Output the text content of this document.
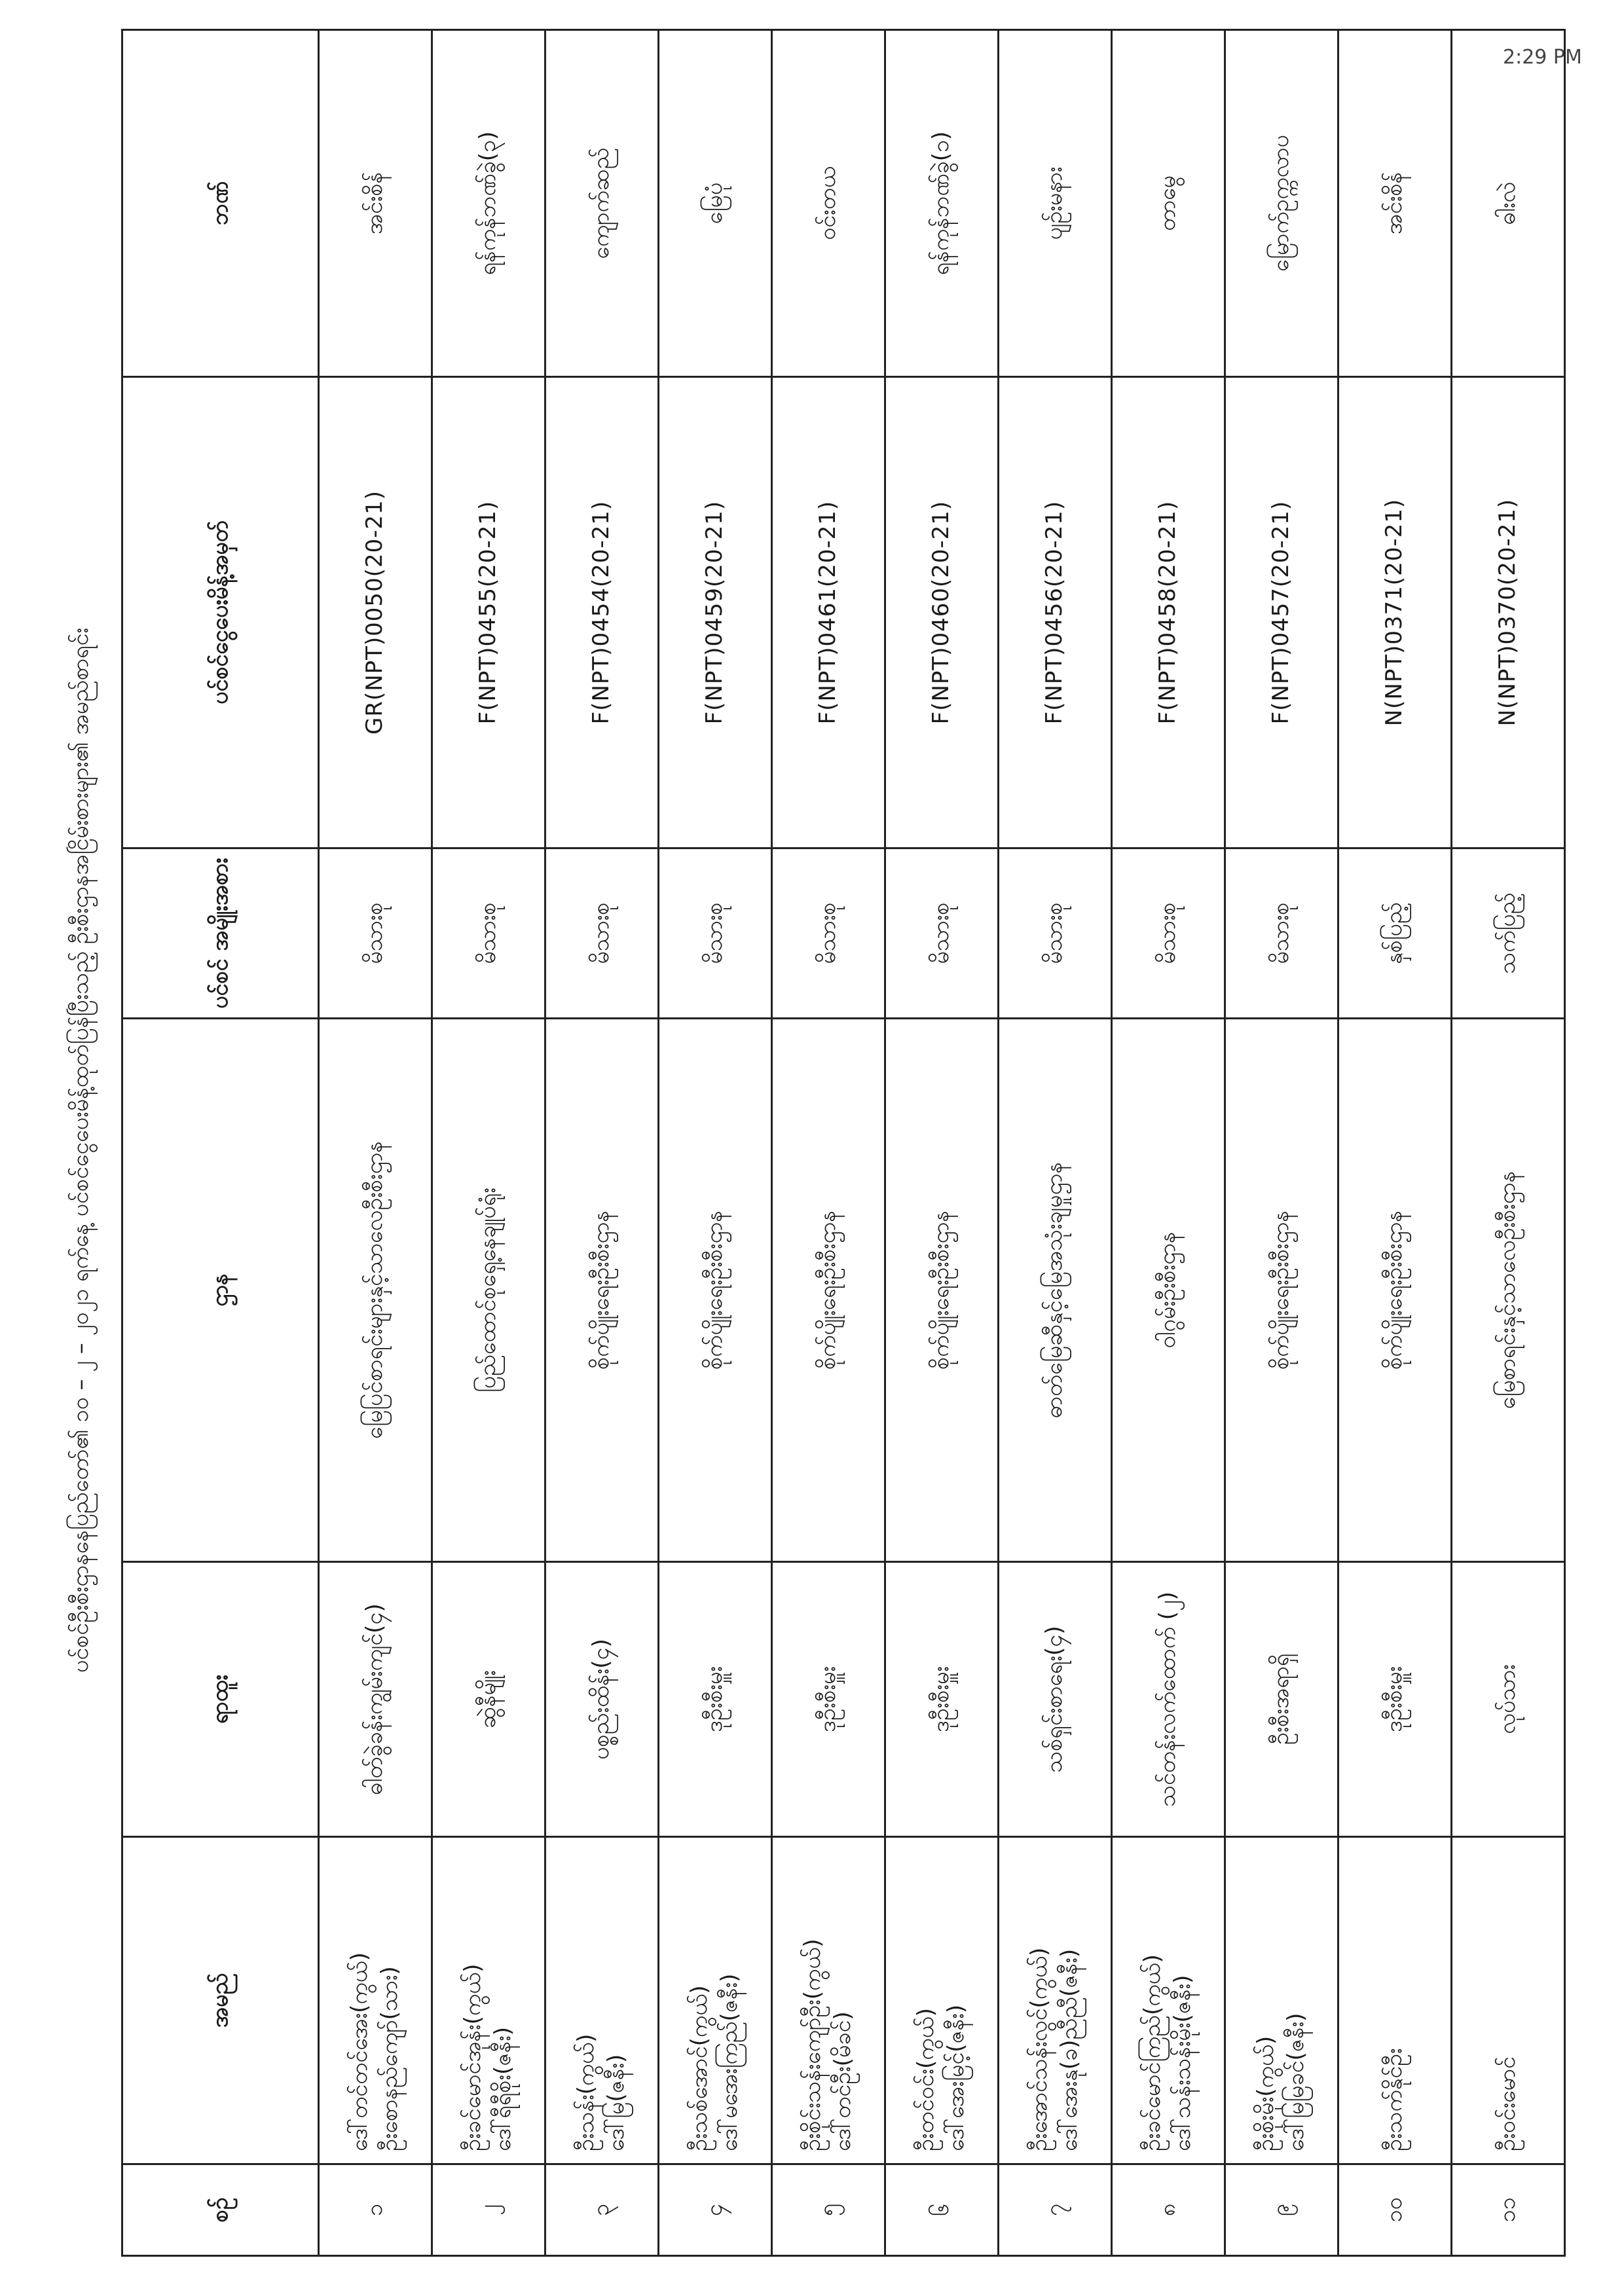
2:29 PM
ပင်စင်ဦးစီးဌာနနေပြည်တော်၏ ၁၀ – ၂ – ၂၀၂၁ ရက်နေ့ ပင်စင်ငွေပေးမိန့်ထုတ်ပြန်ပြီးသည့် ဦးစီးဌာနအငြိမ်းစားများ၏ အမည်စာရင်း
စဉ်	အမည်	ရာထူး	ဌာန	ပင်စင် အမျိုးအစား	ပင်စင်ငွေပေးမိန့်အမှတ်	ဘဏ်
၁	ဒေါ်တင်တင်အေး(ကွယ်) ဦးစောနည်ကျော်(သား)	ဓါတ်ခွဲခန်းကျွမ်းကျင်(၄)	မြေပြင်စာရင်းများနှင့်သာလေဦးစီးဌာန	မိသားစု	GR(NPT)0050(20-21)	အင်းစိန်
၂	ဦးခင်မောင်အုန်း(ကွယ်) ဒေါ်ရီရီစိုး(ဇနီး)	ဆွဲနီမျိုး	ပြည်ထောင်စုရှေ့နေချုပ်ရုံး	မိသားစု	F(NPT)0455(20-21)	ရန်ကုန်ဘဏ်ခွဲ(၃)
၃	ဦးသန်း(ကွယ်) ဒေါ်မြ(ဇနီး)	ပစ္စည်းထိန်း(၄)	စိုက်ပျိုးရေးဦးစီးဌာန	မိသားစု	F(NPT)0454(20-21)	ကျောက်ဆည်
၄	ဦးသစ်အောင်(ကွယ်) ဒေါ်မအေးကြည်(ဇနီး)	ဒုဦးစီးမှူး	စိုက်ပျိုးရေးဦးစီးဌာန	မိသားစု	F(NPT)0459(20-21)	မြေပုံ
၅	ဦးစိုင်းသန်းကျော်ဦး(ကွယ်) ဒေါ်တင်ဦး(မိခင်)	ဒုဦးစီးမှူး	စိုက်ပျိုးရေးဦးစီးဌာန	မိသားစု	F(NPT)0461(20-21)	ဝင်းတယ
၆	ဦးတင်ဝင်း(ကွယ်) ဒေါ်အေးမြင့်(ဇနီး)	ဒုဦးစီးမှူး	စိုက်ပျိုးရေးဦးစီးဌာန	မိသားစု	F(NPT)0460(20-21)	ရန်ကုန်ဘဏ်ခွဲ(၁)
၇	ဦးအောင်သန်းလွင်(ကွယ်) ဒေါ်အေးနု(ခ)ညီညီ(ဇနီး)	သစ်ရှင်းစာရေး(၄)	ဓာတ်မြေဆီနှင့်မြေအသုံးချမှုဌာန	မိသားစု	F(NPT)0456(20-21)	ပျဉ်းမနား
၈	ဦးခင်မောင်ကြည်(ကွယ်) ဒေါ်သန်းသန်းမိုး(ဇနီး)	သင်တန်းလက်ထောက် (၂)	ဝါဂွမ်းဦးစီးဌာန	မိသားစု	F(NPT)0458(20-21)	တာမွေ
၉	ဦးစိုးမိုး(ကွယ်) ဒေါ်မြမြခင်(ဇနီး)	ဦးစီးအရာရှိ	စိုက်ပျိုးရေးဦးစီးဌာန	မိသားစု	F(NPT)0457(20-21)	မြောက်ဥက္ကလာပ
၁၀	ဦးသက်နိုင်ဦး	ဒုဦးစီးမှူး	စိုက်ပျိုးရေးဦးစီးဌာန	နှစ်ပြည့်	N(NPT)0371(20-21)	အင်းစိန်
၁၁	ဦးဝင်းမောင်	လုပ်သား	မြေစာရင်းနှင့်သာလေဦးစီးဌာန	သက်ပြည့်	N(NPT)0370(20-21)	ဓါးလဲ
